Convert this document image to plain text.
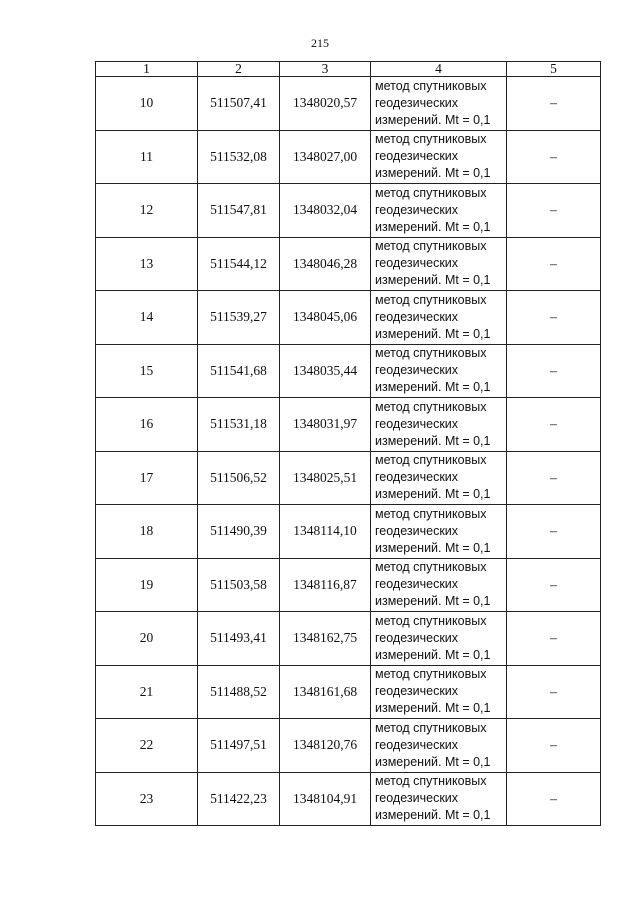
215
1	2	3	4	5
10	511507,41	1348020,57	метод спутниковых
геодезических
измерений. Mt = 0,1	–
11	511532,08	1348027,00	метод спутниковых
геодезических
измерений. Mt = 0,1	–
12	511547,81	1348032,04	метод спутниковых
геодезических
измерений. Mt = 0,1	–
13	511544,12	1348046,28	метод спутниковых
геодезических
измерений. Mt = 0,1	–
14	511539,27	1348045,06	метод спутниковых
геодезических
измерений. Mt = 0,1	–
15	511541,68	1348035,44	метод спутниковых
геодезических
измерений. Mt = 0,1	–
16	511531,18	1348031,97	метод спутниковых
геодезических
измерений. Mt = 0,1	–
17	511506,52	1348025,51	метод спутниковых
геодезических
измерений. Mt = 0,1	–
18	511490,39	1348114,10	метод спутниковых
геодезических
измерений. Mt = 0,1	–
19	511503,58	1348116,87	метод спутниковых
геодезических
измерений. Mt = 0,1	–
20	511493,41	1348162,75	метод спутниковых
геодезических
измерений. Mt = 0,1	–
21	511488,52	1348161,68	метод спутниковых
геодезических
измерений. Mt = 0,1	–
22	511497,51	1348120,76	метод спутниковых
геодезических
измерений. Mt = 0,1	–
23	511422,23	1348104,91	метод спутниковых
геодезических
измерений. Mt = 0,1	–
